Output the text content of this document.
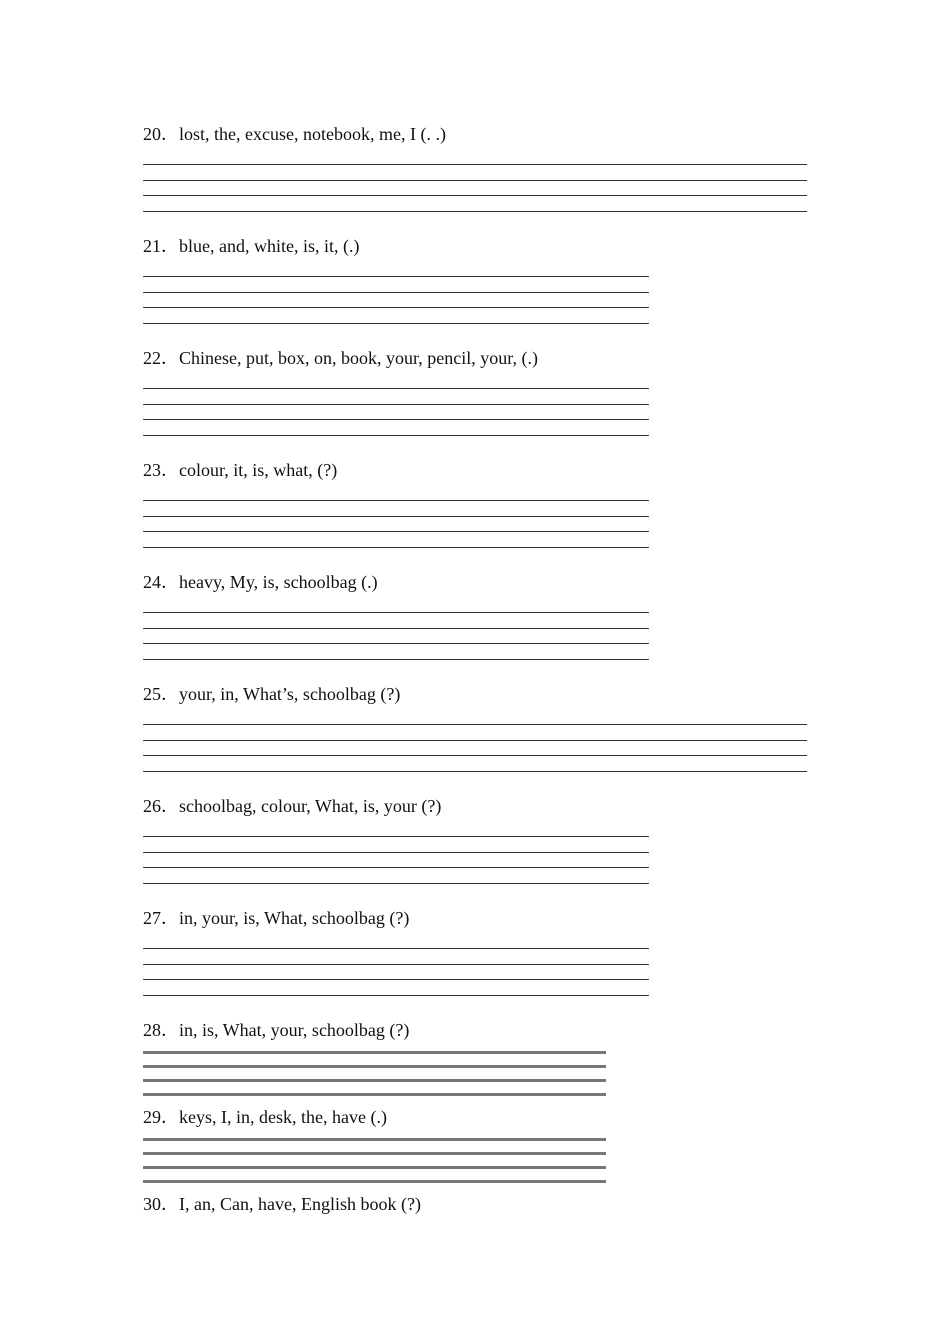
20．lost, the, excuse, notebook, me, I (. .)

21．blue, and, white, is, it, (.)

22．Chinese, put, box, on, book, your, pencil, your, (.)

23．colour, it, is, what, (?)

24．heavy, My, is, schoolbag (.)

25．your, in, What’s, schoolbag (?)

26．schoolbag, colour, What, is, your (?)

27．in, your, is, What, schoolbag (?)

28．in, is, What, your, schoolbag (?)

29．keys, I, in, desk, the, have (.)

30．I, an, Can, have, English book (?)
